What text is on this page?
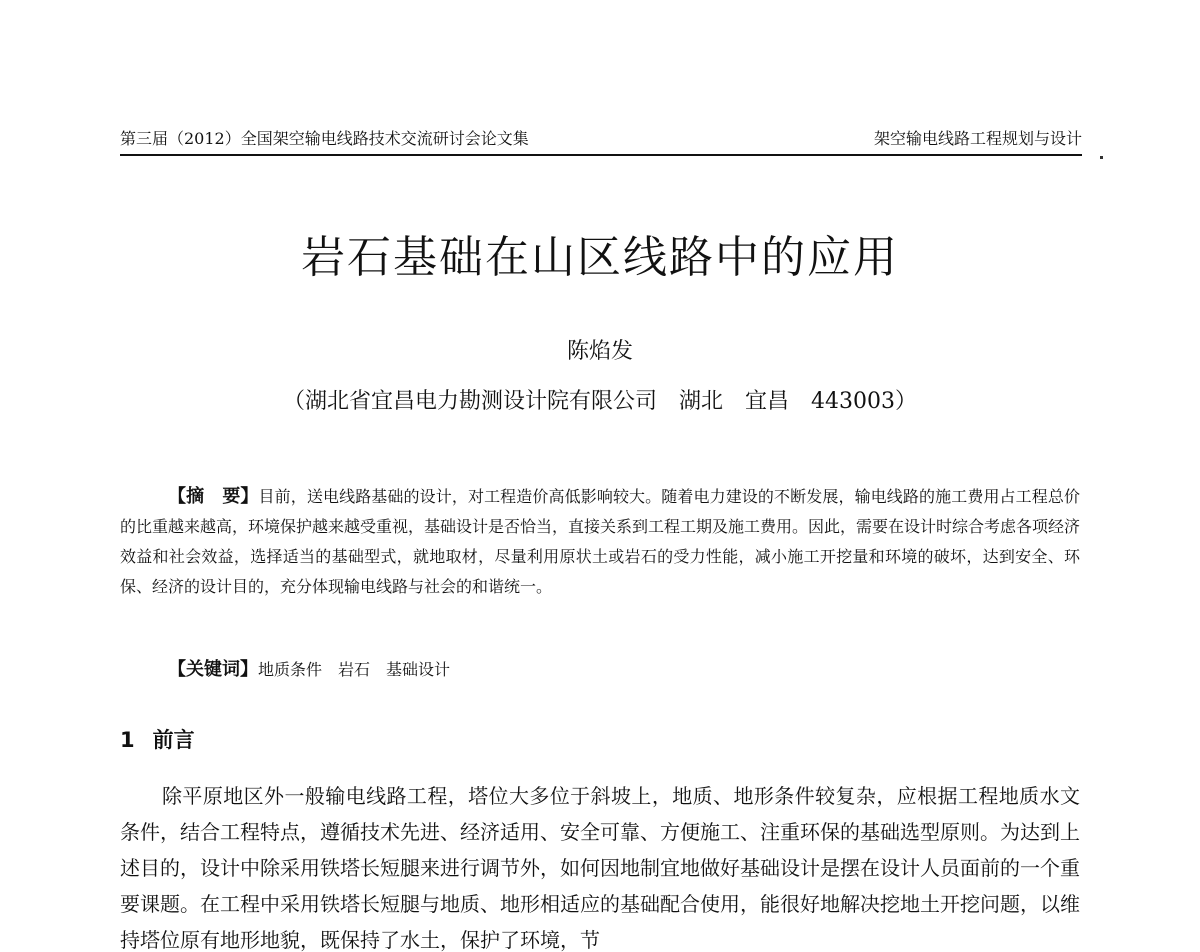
第三届（2012）全国架空输电线路技术交流研讨会论文集	架空输电线路工程规划与设计
岩石基础在山区线路中的应用
陈焰发
（湖北省宜昌电力勘测设计院有限公司　湖北　宜昌　443003）
【摘　要】目前，送电线路基础的设计，对工程造价高低影响较大。随着电力建设的不断发展，输电线路的施工费用占工程总价的比重越来越高，环境保护越来越受重视，基础设计是否恰当，直接关系到工程工期及施工费用。因此，需要在设计时综合考虑各项经济效益和社会效益，选择适当的基础型式，就地取材，尽量利用原状土或岩石的受力性能，减小施工开挖量和环境的破坏，达到安全、环保、经济的设计目的，充分体现输电线路与社会的和谐统一。
【关键词】地质条件　岩石　基础设计
1 前言
除平原地区外一般输电线路工程，塔位大多位于斜坡上，地质、地形条件较复杂，应根据工程地质水文条件，结合工程特点，遵循技术先进、经济适用、安全可靠、方便施工、注重环保的基础选型原则。为达到上述目的，设计中除采用铁塔长短腿来进行调节外，如何因地制宜地做好基础设计是摆在设计人员面前的一个重要课题。在工程中采用铁塔长短腿与地质、地形相适应的基础配合使用，能很好地解决挖地土开挖问题，以维持塔位原有地形地貌，既保持了水土，保护了环境，节
